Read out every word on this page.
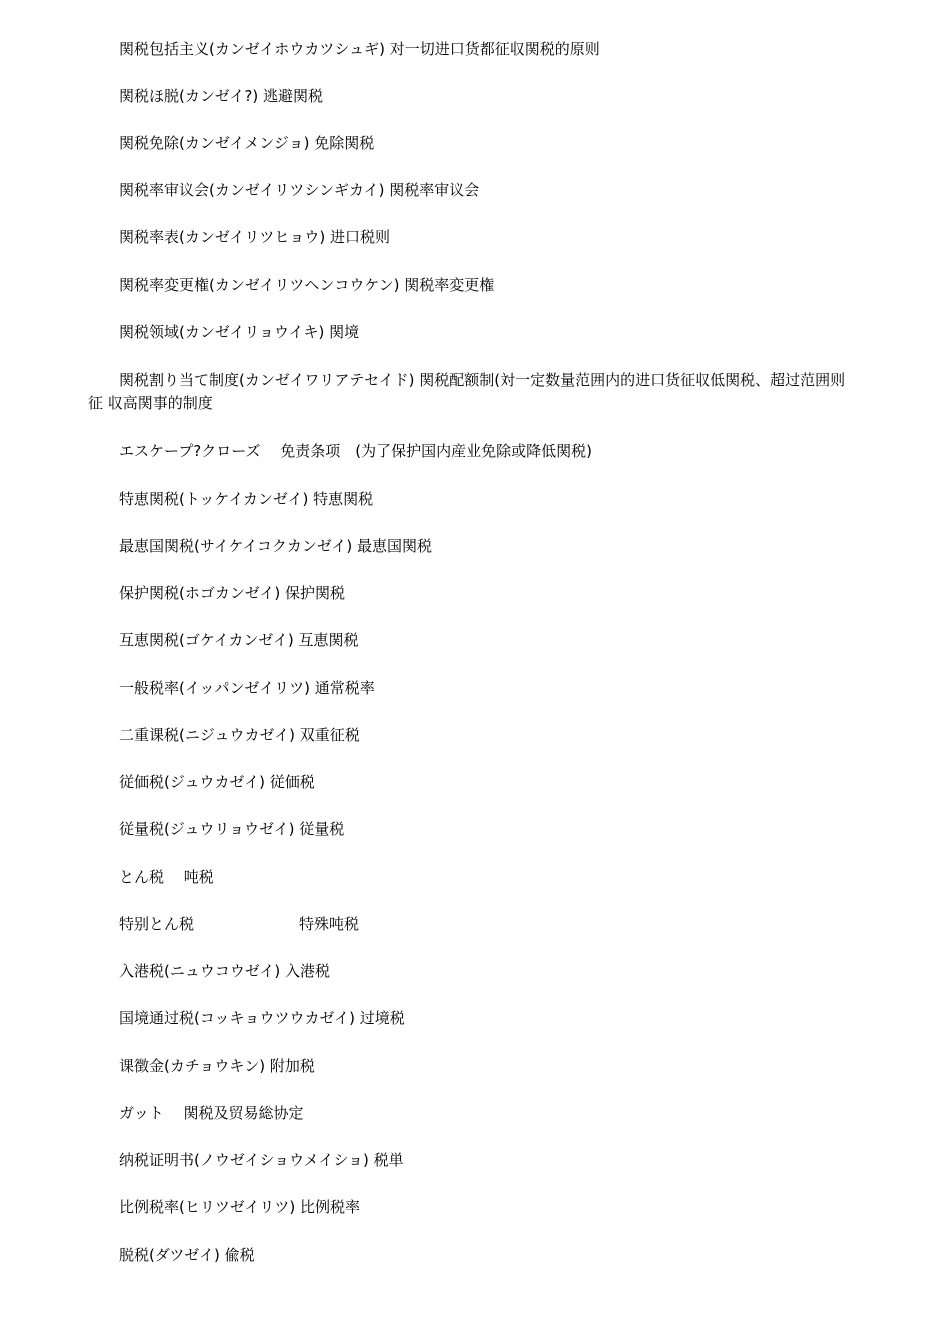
関税包括主义(カンゼイホウカツシュギ) 对一切进口货都征収関税的原则
関税ほ脱(カンゼイ?) 逃避関税
関税免除(カンゼイメンジョ) 免除関税
関税率审议会(カンゼイリツシンギカイ) 関税率审议会
関税率表(カンゼイリツヒョウ) 进口税则
関税率変更権(カンゼイリツヘンコウケン) 関税率変更権
関税领域(カンゼイリョウイキ) 関境
関税割り当て制度(カンゼイワリアテセイド) 関税配额制(対一定数量范囲内的进口货征収低関税、超过范囲则
征 収高関事的制度
エスケープ?クローズ　 免责条项　(为了保护国内産业免除或降低関税)
特恵関税(トッケイカンゼイ) 特恵関税
最恵国関税(サイケイコクカンゼイ) 最恵国関税
保护関税(ホゴカンゼイ) 保护関税
互恵関税(ゴケイカンゼイ) 互恵関税
一般税率(イッパンゼイリツ) 通常税率
二重课税(ニジュウカゼイ) 双重征税
従価税(ジュウカゼイ) 従価税
従量税(ジュウリョウゼイ) 従量税
とん税　 吨税
特别とん税　　　　　　　特殊吨税
入港税(ニュウコウゼイ) 入港税
国境通过税(コッキョウツウカゼイ) 过境税
课徴金(カチョウキン) 附加税
ガット　 関税及贸易総协定
纳税证明书(ノウゼイショウメイショ) 税単
比例税率(ヒリツゼイリツ) 比例税率
脱税(ダツゼイ) 偸税
